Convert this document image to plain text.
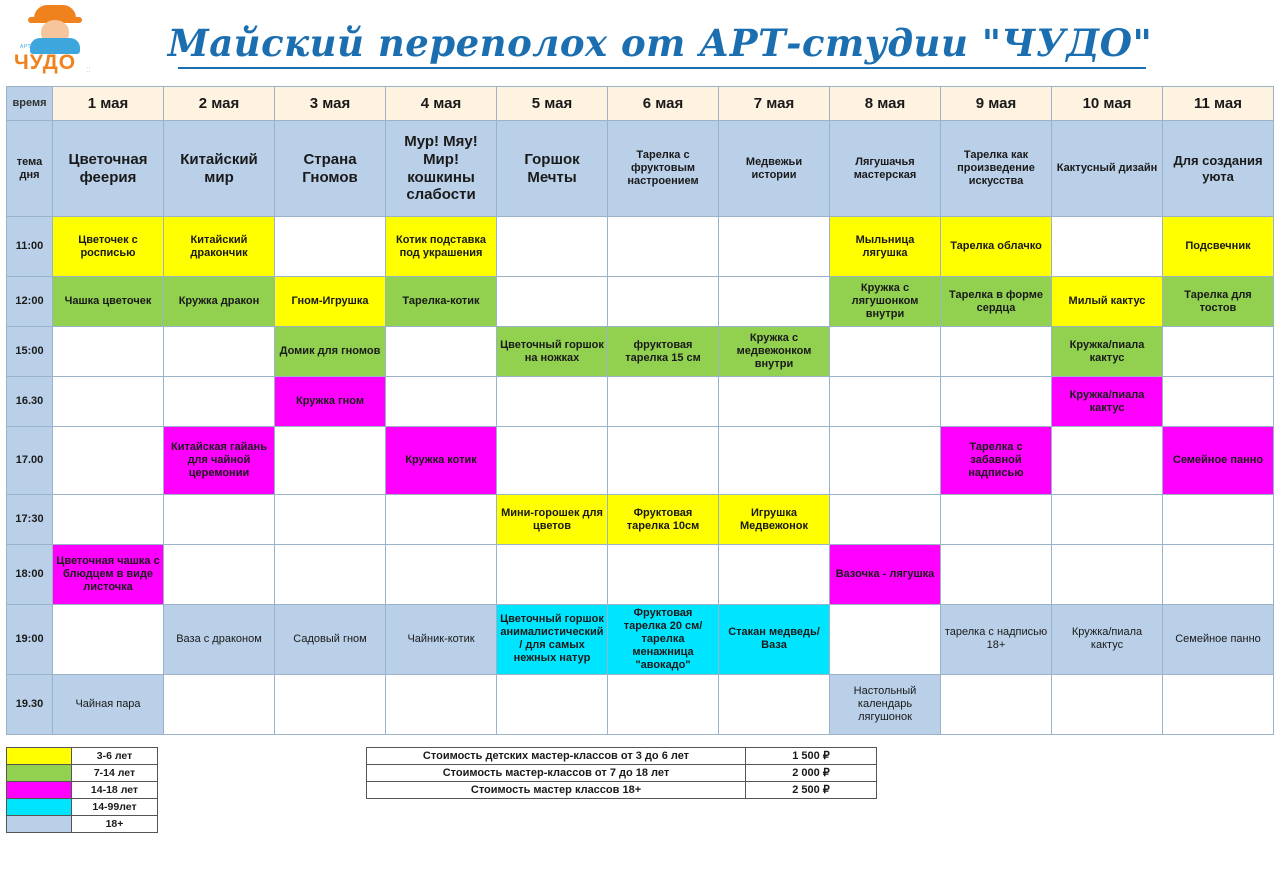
АРТ-СТУДИЯ
ЧУДО ::
Майский переполох от АРТ-студии "ЧУДО"
время	1 мая	2 мая	3 мая	4 мая	5 мая	6 мая	7 мая	8 мая	9 мая	10 мая	11 мая
тема дня	Цветочная феерия	Китайский мир	Страна Гномов	Мур! Мяу! Мир! кошкины слабости	Горшок Мечты	Тарелка с фруктовым настроением	Медвежьи истории	Лягушачья мастерская	Тарелка как произведение искусства	Кактусный дизайн	Для создания уюта
11:00	Цветочек с росписью	Китайский дракончик		Котик подставка под украшения				Мыльница лягушка	Тарелка облачко		Подсвечник
12:00	Чашка цветочек	Кружка дракон	Гном-Игрушка	Тарелка-котик				Кружка с лягушонком внутри	Тарелка в форме сердца	Милый кактус	Тарелка для тостов
15:00			Домик для гномов		Цветочный горшок на ножках	фруктовая тарелка 15 см	Кружка с медвежонком внутри			Кружка/пиала кактус	
16.30			Кружка гном							Кружка/пиала кактус	
17.00		Китайская гайань для чайной церемонии		Кружка котик					Тарелка с забавной надписью		Семейное панно
17:30					Мини-горошек для цветов	Фруктовая тарелка 10см	Игрушка Медвежонок				
18:00	Цветочная чашка с блюдцем в виде листочка							Вазочка - лягушка			
19:00		Ваза с драконом	Садовый гном	Чайник-котик	Цветочный горшок анималистический/ для самых нежных натур	Фруктовая тарелка 20 см/ тарелка менажница "авокадо"	Стакан медведь/Ваза		тарелка с надписью 18+	Кружка/пиала кактус	Семейное панно
19.30	Чайная пара							Настольный календарь лягушонок			
	3-6 лет
	7-14 лет
	14-18 лет
	14-99лет
	18+
Стоимость детских мастер-классов от 3 до 6 лет	1 500 ₽
Стоимость мастер-классов от 7 до 18 лет	2 000 ₽
Стоимость мастер классов 18+	2 500 ₽
